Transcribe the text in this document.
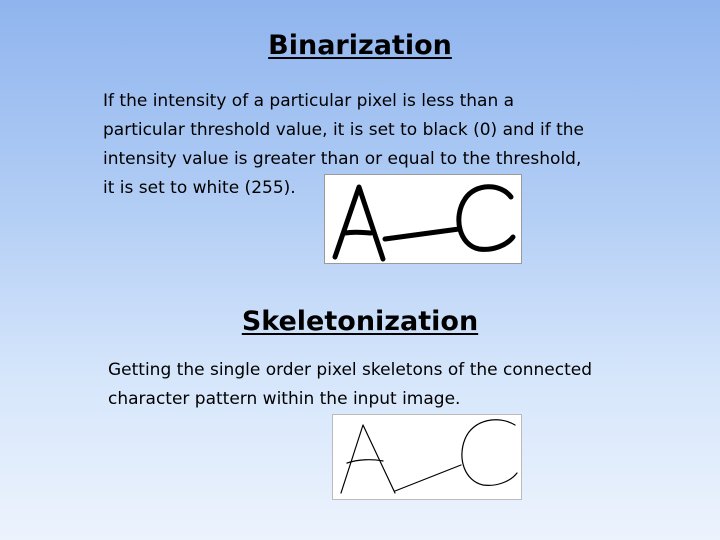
Binarization

If the intensity of a particular pixel is less than a
particular threshold value, it is set to black (0) and if the
intensity value is greater than or equal to the threshold,
it is set to white (255).

Skeletonization

Getting the single order pixel skeletons of the connected
character pattern within the input image.
